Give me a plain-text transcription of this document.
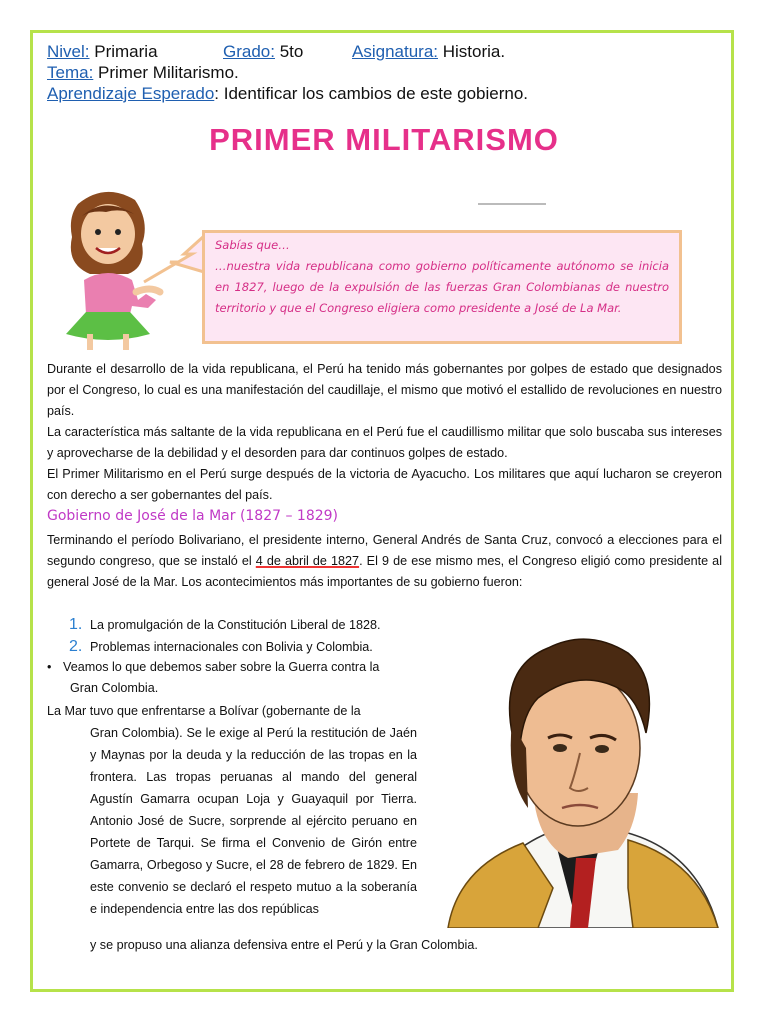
Nivel: Primaria	Grado: 5to	Asignatura: Historia.
Tema: Primer Militarismo.
Aprendizaje Esperado: Identificar los cambios de este gobierno.
PRIMER MILITARISMO

Sabías que…

…nuestra vida republicana como gobierno políticamente autónomo se inicia en 1827, luego de la expulsión de las fuerzas Gran Colombianas de nuestro territorio y que el Congreso eligiera como presidente a José de La Mar.

Durante el desarrollo de la vida republicana, el Perú ha tenido más gobernantes por golpes de estado que designados por el Congreso, lo cual es una manifestación del caudillaje, el mismo que motivó el estallido de revoluciones en nuestro país.

La característica más saltante de la vida republicana en el Perú fue el caudillismo militar que solo buscaba sus intereses y aprovecharse de la debilidad y el desorden para dar continuos golpes de estado.

El Primer Militarismo en el Perú surge después de la victoria de Ayacucho. Los militares que aquí lucharon se creyeron con derecho a ser gobernantes del país.

Gobierno de José de la Mar (1827 – 1829)

Terminando el período Bolivariano, el presidente interno, General Andrés de Santa Cruz, convocó a elecciones para el segundo congreso, que se instaló el 4 de abril de 1827. El 9 de ese mismo mes, el Congreso eligió como presidente al general José de la Mar. Los acontecimientos más importantes de su gobierno fueron:

1. La promulgación de la Constitución Liberal de 1828.
2. Problemas internacionales con Bolivia y Colombia.
• Veamos lo que debemos saber sobre la Guerra contra la
Gran Colombia.

La Mar tuvo que enfrentarse a Bolívar (gobernante de la

Gran Colombia). Se le exige al Perú la restitución de Jaén y Maynas por la deuda y la reducción de las tropas en la frontera. Las tropas peruanas al mando del general Agustín Gamarra ocupan Loja y Guayaquil por Tierra. Antonio José de Sucre, sorprende al ejército peruano en Portete de Tarqui. Se firma el Convenio de Girón entre Gamarra, Orbegoso y Sucre, el 28 de febrero de 1829. En este convenio se declaró el respeto mutuo a la soberanía e independencia entre las dos repúblicas

y se propuso una alianza defensiva entre el Perú y la Gran Colombia.
